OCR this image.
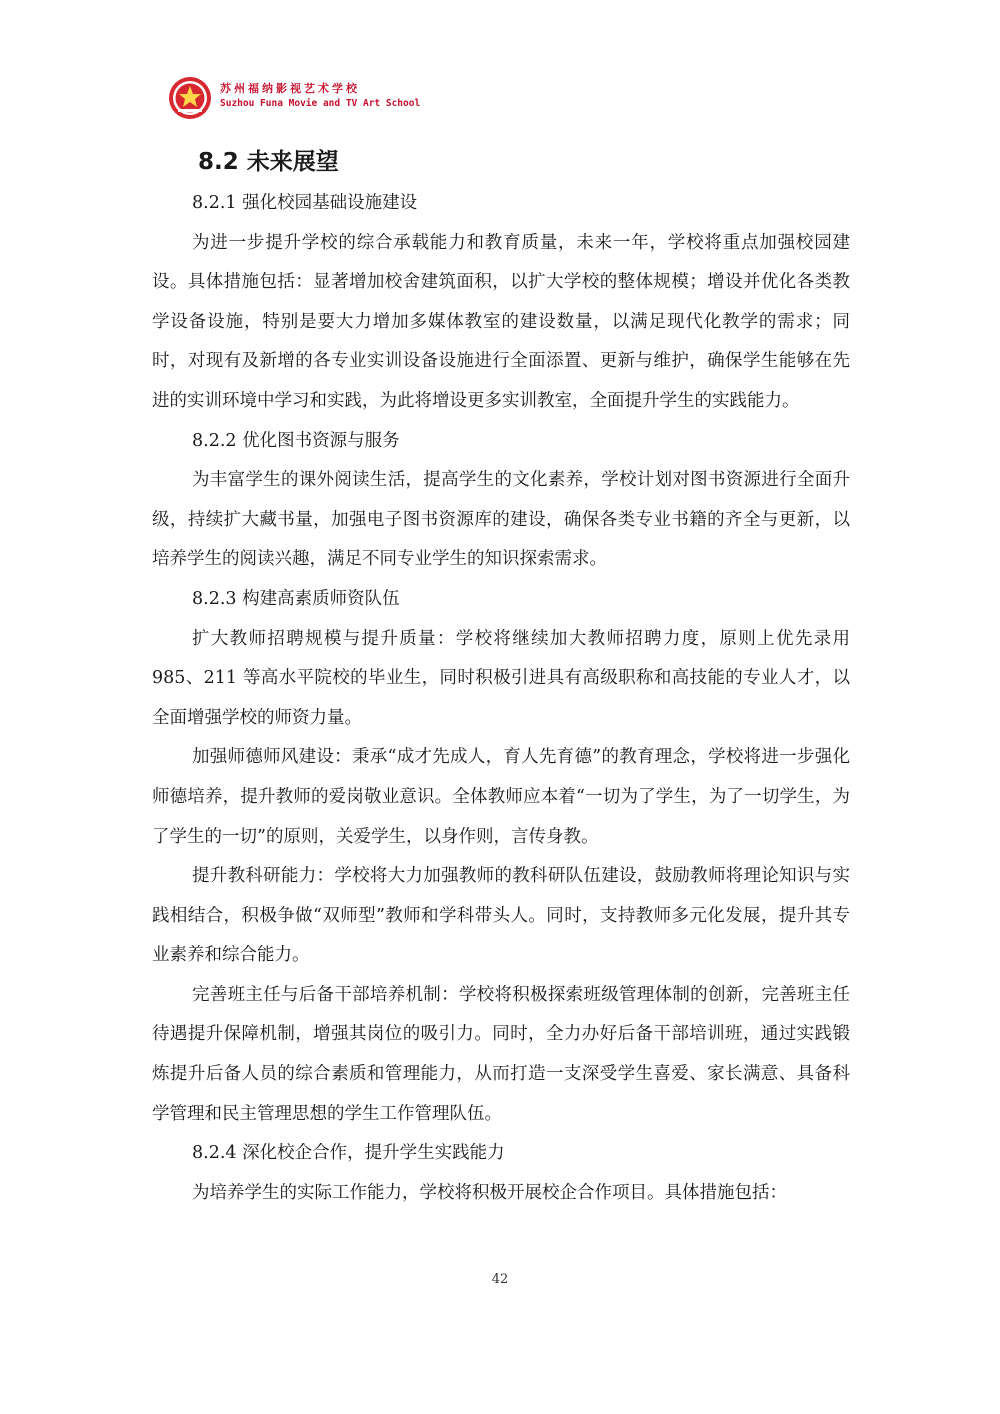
苏州福纳影视艺术学校
Suzhou Funa Movie and TV Art School
8.2 未来展望

8.2.1 强化校园基础设施建设

为进一步提升学校的综合承载能力和教育质量，未来一年，学校将重点加强校园建设。具体措施包括：显著增加校舍建筑面积，以扩大学校的整体规模；增设并优化各类教学设备设施，特别是要大力增加多媒体教室的建设数量，以满足现代化教学的需求；同时，对现有及新增的各专业实训设备设施进行全面添置、更新与维护，确保学生能够在先进的实训环境中学习和实践，为此将增设更多实训教室，全面提升学生的实践能力。

8.2.2 优化图书资源与服务

为丰富学生的课外阅读生活，提高学生的文化素养，学校计划对图书资源进行全面升级，持续扩大藏书量，加强电子图书资源库的建设，确保各类专业书籍的齐全与更新，以培养学生的阅读兴趣，满足不同专业学生的知识探索需求。

8.2.3 构建高素质师资队伍

扩大教师招聘规模与提升质量：学校将继续加大教师招聘力度，原则上优先录用 985、211 等高水平院校的毕业生，同时积极引进具有高级职称和高技能的专业人才，以全面增强学校的师资力量。

加强师德师风建设：秉承“成才先成人，育人先育德”的教育理念，学校将进一步强化师德培养，提升教师的爱岗敬业意识。全体教师应本着“一切为了学生，为了一切学生，为了学生的一切”的原则，关爱学生，以身作则，言传身教。

提升教科研能力：学校将大力加强教师的教科研队伍建设，鼓励教师将理论知识与实践相结合，积极争做“双师型”教师和学科带头人。同时，支持教师多元化发展，提升其专业素养和综合能力。

完善班主任与后备干部培养机制：学校将积极探索班级管理体制的创新，完善班主任待遇提升保障机制，增强其岗位的吸引力。同时，全力办好后备干部培训班，通过实践锻炼提升后备人员的综合素质和管理能力，从而打造一支深受学生喜爱、家长满意、具备科学管理和民主管理思想的学生工作管理队伍。

8.2.4 深化校企合作，提升学生实践能力

为培养学生的实际工作能力，学校将积极开展校企合作项目。具体措施包括：

42
